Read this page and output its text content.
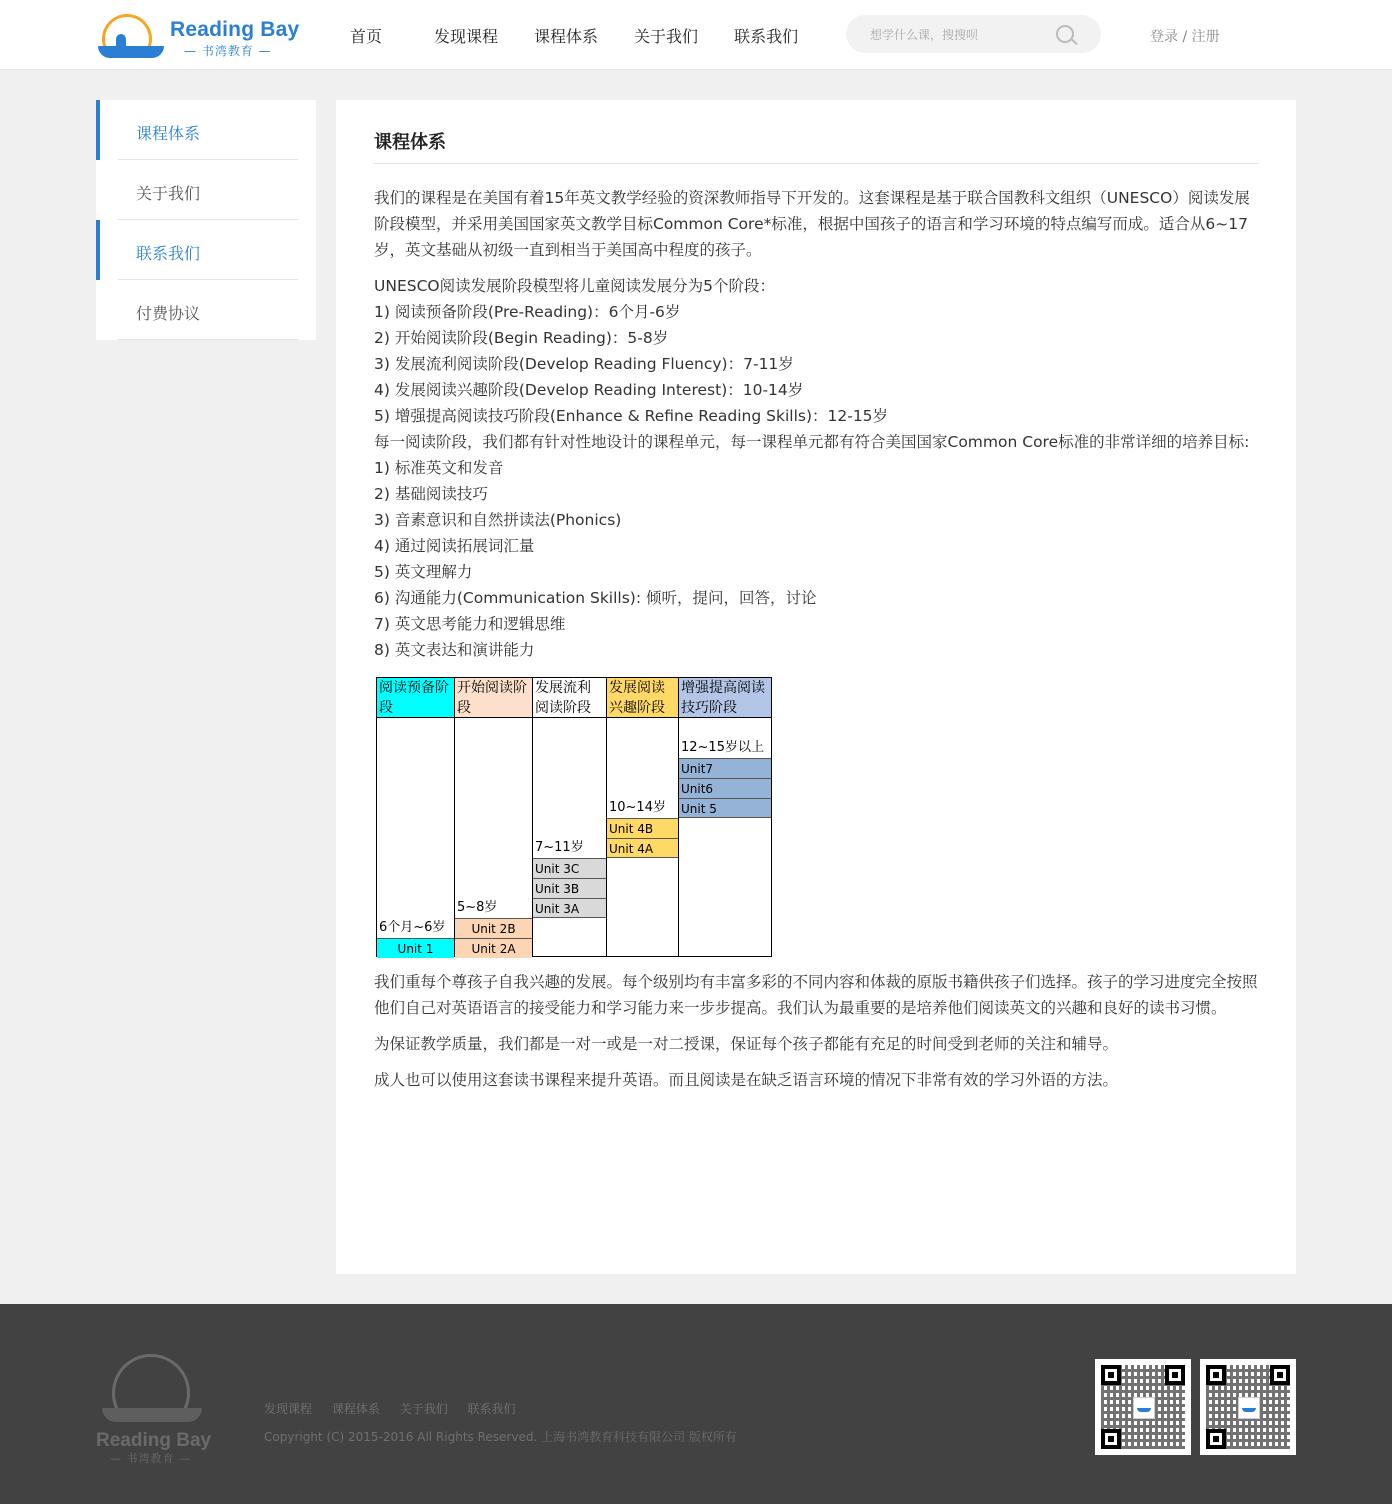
Reading Bay
— 书湾教育 —
首页	发现课程 课程体系 关于我们 联系我们
想学什么课，搜搜呗	登录 / 注册
课程体系
关于我们
联系我们
付费协议
课程体系

我们的课程是在美国有着15年英文教学经验的资深教师指导下开发的。这套课程是基于联合国教科文组织（UNESCO）阅读发展阶段模型，并采用美国国家英文教学目标Common Core*标准，根据中国孩子的语言和学习环境的特点编写而成。适合从6~17岁，英文基础从初级一直到相当于美国高中程度的孩子。

UNESCO阅读发展阶段模型将儿童阅读发展分为5个阶段：
1) 阅读预备阶段(Pre-Reading)：6个月-6岁
2) 开始阅读阶段(Begin Reading)：5-8岁
3) 发展流利阅读阶段(Develop Reading Fluency)：7-11岁
4) 发展阅读兴趣阶段(Develop Reading Interest)：10-14岁
5) 增强提高阅读技巧阶段(Enhance & Refine Reading Skills)：12-15岁
每一阅读阶段，我们都有针对性地设计的课程单元，每一课程单元都有符合美国国家Common Core标准的非常详细的培养目标:
1) 标准英文和发音
2) 基础阅读技巧
3) 音素意识和自然拼读法(Phonics)
4) 通过阅读拓展词汇量
5) 英文理解力
6) 沟通能力(Communication Skills): 倾听，提问，回答，讨论
7) 英文思考能力和逻辑思维
8) 英文表达和演讲能力
阅读预备阶段
6个月~6岁
Unit 1
开始阅读阶段
5~8岁
Unit 2B
Unit 2A
发展流利阅读阶段
7~11岁
Unit 3C
Unit 3B
Unit 3A
发展阅读兴趣阶段
10~14岁
Unit 4B
Unit 4A
增强提高阅读技巧阶段
12~15岁以上
Unit7
Unit6
Unit 5

我们重每个尊孩子自我兴趣的发展。每个级别均有丰富多彩的不同内容和体裁的原版书籍供孩子们选择。孩子的学习进度完全按照他们自己对英语语言的接受能力和学习能力来一步步提高。我们认为最重要的是培养他们阅读英文的兴趣和良好的读书习惯。

为保证教学质量，我们都是一对一或是一对二授课，保证每个孩子都能有充足的时间受到老师的关注和辅导。

成人也可以使用这套读书课程来提升英语。而且阅读是在缺乏语言环境的情况下非常有效的学习外语的方法。

Reading Bay
— 书湾教育 —
发现课程 课程体系 关于我们 联系我们
Copyright (C) 2015-2016 All Rights Reserved. 上海书湾教育科技有限公司 版权所有
